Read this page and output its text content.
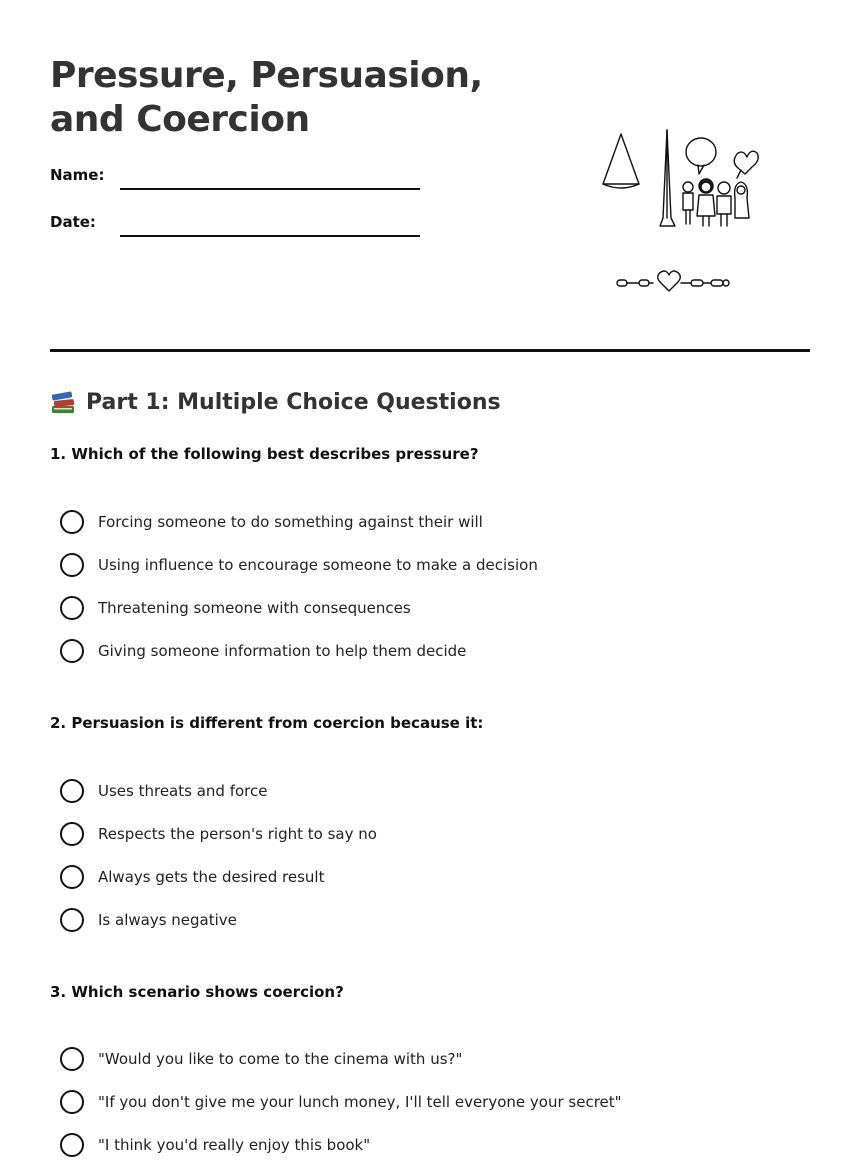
Pressure, Persuasion,
and Coercion
Name:
Date:
Part 1: Multiple Choice Questions
1. Which of the following best describes pressure?
Forcing someone to do something against their will
Using influence to encourage someone to make a decision
Threatening someone with consequences
Giving someone information to help them decide
2. Persuasion is different from coercion because it:
Uses threats and force
Respects the person's right to say no
Always gets the desired result
Is always negative
3. Which scenario shows coercion?
"Would you like to come to the cinema with us?"
"If you don't give me your lunch money, I'll tell everyone your secret"
"I think you'd really enjoy this book"
